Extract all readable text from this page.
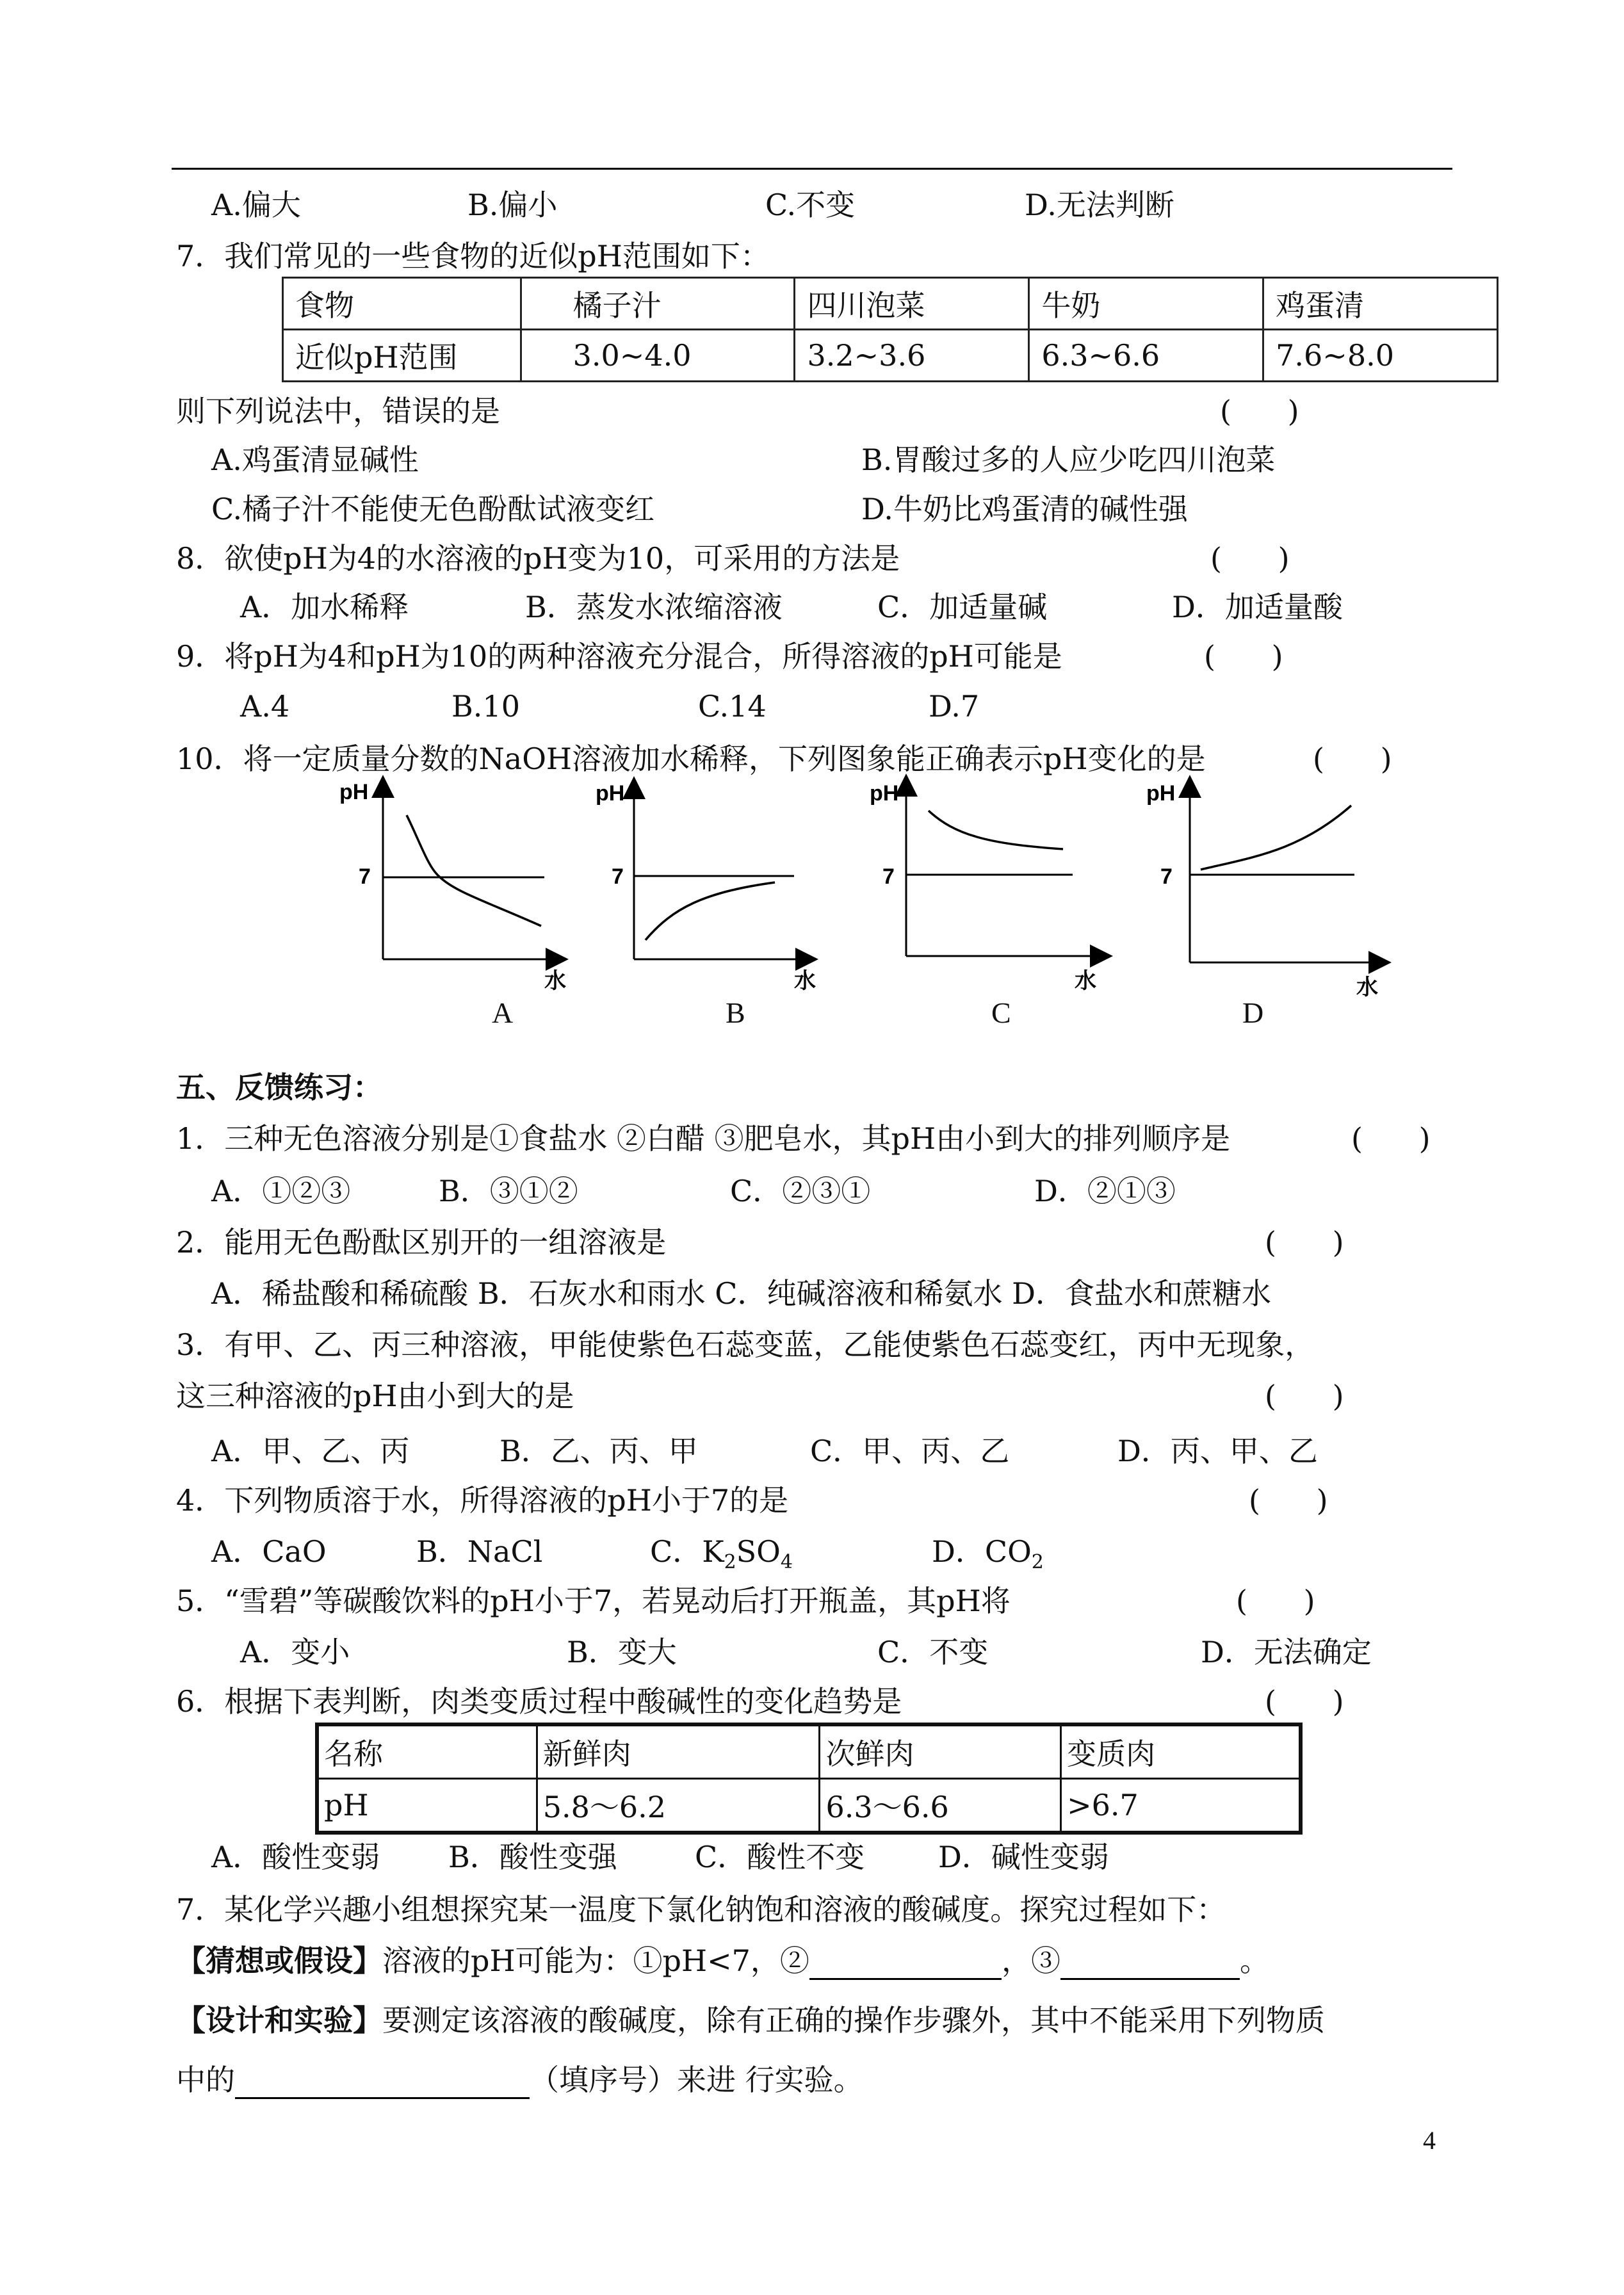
A.偏大	B.偏小	C.不变	D.无法判断
7．我们常见的一些食物的近似pH范围如下：
食物	橘子汁	四川泡菜	牛奶	鸡蛋清
近似pH范围	3.0~4.0	3.2~3.6	6.3~6.6	7.6~8.0
则下列说法中，错误的是	(      )
A.鸡蛋清显碱性	B.胃酸过多的人应少吃四川泡菜
C.橘子汁不能使无色酚酞试液变红	D.牛奶比鸡蛋清的碱性强
8．欲使pH为4的水溶液的pH变为10，可采用的方法是	(      )
A．加水稀释	B．蒸发水浓缩溶液	C．加适量碱	D．加适量酸
9．将pH为4和pH为10的两种溶液充分混合，所得溶液的pH可能是	(      )
A.4	B.10	C.14	D.7
10．将一定质量分数的NaOH溶液加水稀释，下列图象能正确表示pH变化的是	(      )
pH
7
水
pH
7
水
pH
7
水
pH
7
水
A	B	C	D
五、反馈练习：
1．三种无色溶液分别是①食盐水 ②白醋 ③肥皂水，其pH由小到大的排列顺序是	(      )
A．①②③	B．③①②	C．②③①	D．②①③
2．能用无色酚酞区别开的一组溶液是	(      )
A．稀盐酸和稀硫酸 B．石灰水和雨水 C．纯碱溶液和稀氨水 D．食盐水和蔗糖水
3．有甲、乙、丙三种溶液，甲能使紫色石蕊变蓝，乙能使紫色石蕊变红，丙中无现象，
这三种溶液的pH由小到大的是	(      )
A．甲、乙、丙	B．乙、丙、甲	C．甲、丙、乙	D．丙、甲、乙
4．下列物质溶于水，所得溶液的pH小于7的是	(      )
A．CaO	B．NaCl	C．$K_2SO_4$	D．$CO_2$
5．“雪碧”等碳酸饮料的pH小于7，若晃动后打开瓶盖，其pH将	(      )
A．变小	B．变大	C．不变	D．无法确定
6．根据下表判断，肉类变质过程中酸碱性的变化趋势是	(      )
名称	新鲜肉	次鲜肉	变质肉
pH	5.8～6.2	6.3～6.6	>6.7
A．酸性变弱 B．酸性变强	C．酸性不变 D．碱性变弱
7．某化学兴趣小组想探究某一温度下氯化钠饱和溶液的酸碱度。探究过程如下：
【猜想或假设】溶液的pH可能为：①pH<7，②	，③	。
【设计和实验】要测定该溶液的酸碱度，除有正确的操作步骤外，其中不能采用下列物质
中的	（填序号）来进 行实验。
4
